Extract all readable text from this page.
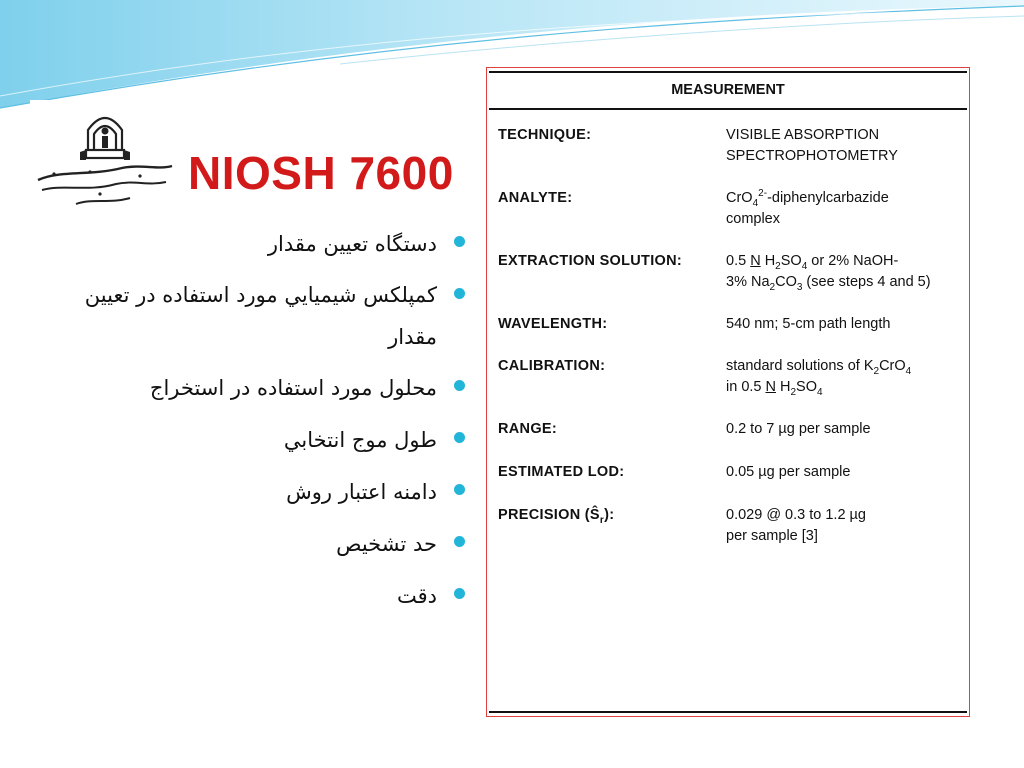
NIOSH 7600
دستگاه تعيين مقدار
کمپلکس شيميايي مورد استفاده در تعيين مقدار
محلول مورد استفاده در استخراج
طول موج انتخابي
دامنه اعتبار روش
حد تشخيص
دقت
MEASUREMENT
TECHNIQUE:	VISIBLE ABSORPTION
SPECTROPHOTOMETRY
ANALYTE:	CrO$_4^{2-}$-diphenylcarbazide
complex
EXTRACTION SOLUTION:	0.5 N $H_2SO_4$ or 2% NaOH-
3% $Na_2CO_3$ (see steps 4 and 5)
WAVELENGTH:	540 nm; 5-cm path length
CALIBRATION:	standard solutions of $K_2CrO_4$
in 0.5 N $H_2SO_4$
RANGE:	0.2 to 7 µg per sample
ESTIMATED LOD:	0.05 µg per sample
PRECISION $(Ŝ_r)$:	0.029 @ 0.3 to 1.2 µg
per sample [3]
